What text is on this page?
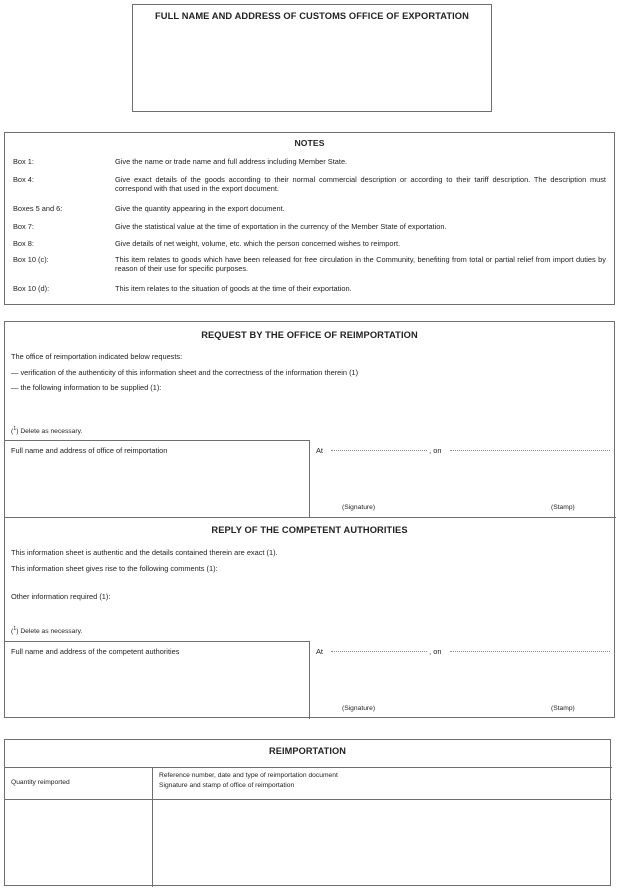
FULL NAME AND ADDRESS OF CUSTOMS OFFICE OF EXPORTATION
NOTES
Box 1:	Give the name or trade name and full address including Member State.
Box 4:	Give exact details of the goods according to their normal commercial description or according to their tariff description. The description must correspond with that used in the export document.
Boxes 5 and 6:	Give the quantity appearing in the export document.
Box 7:	Give the statistical value at the time of exportation in the currency of the Member State of exportation.
Box 8:	Give details of net weight, volume, etc. which the person concerned wishes to reimport.
Box 10 (c):	This item relates to goods which have been released for free circulation in the Community, benefiting from total or partial relief from import duties by reason of their use for specific purposes.
Box 10 (d):	This item relates to the situation of goods at the time of their exportation.
REQUEST BY THE OFFICE OF REIMPORTATION
The office of reimportation indicated below requests:
— verification of the authenticity of this information sheet and the correctness of the information therein (1)
— the following information to be supplied (1):
($^1$) Delete as necessary.
Full name and address of office of reimportation	At	, on
(Signature)	(Stamp)
REPLY OF THE COMPETENT AUTHORITIES
This information sheet is authentic and the details contained therein are exact (1).
This information sheet gives rise to the following comments (1):
Other information required (1):
($^1$) Delete as necessary.
Full name and address of the competent authorities	At	, on
(Signature)	(Stamp)
REIMPORTATION
Quantity reimported
Reference number, date and type of reimportation document
Signature and stamp of office of reimportation
